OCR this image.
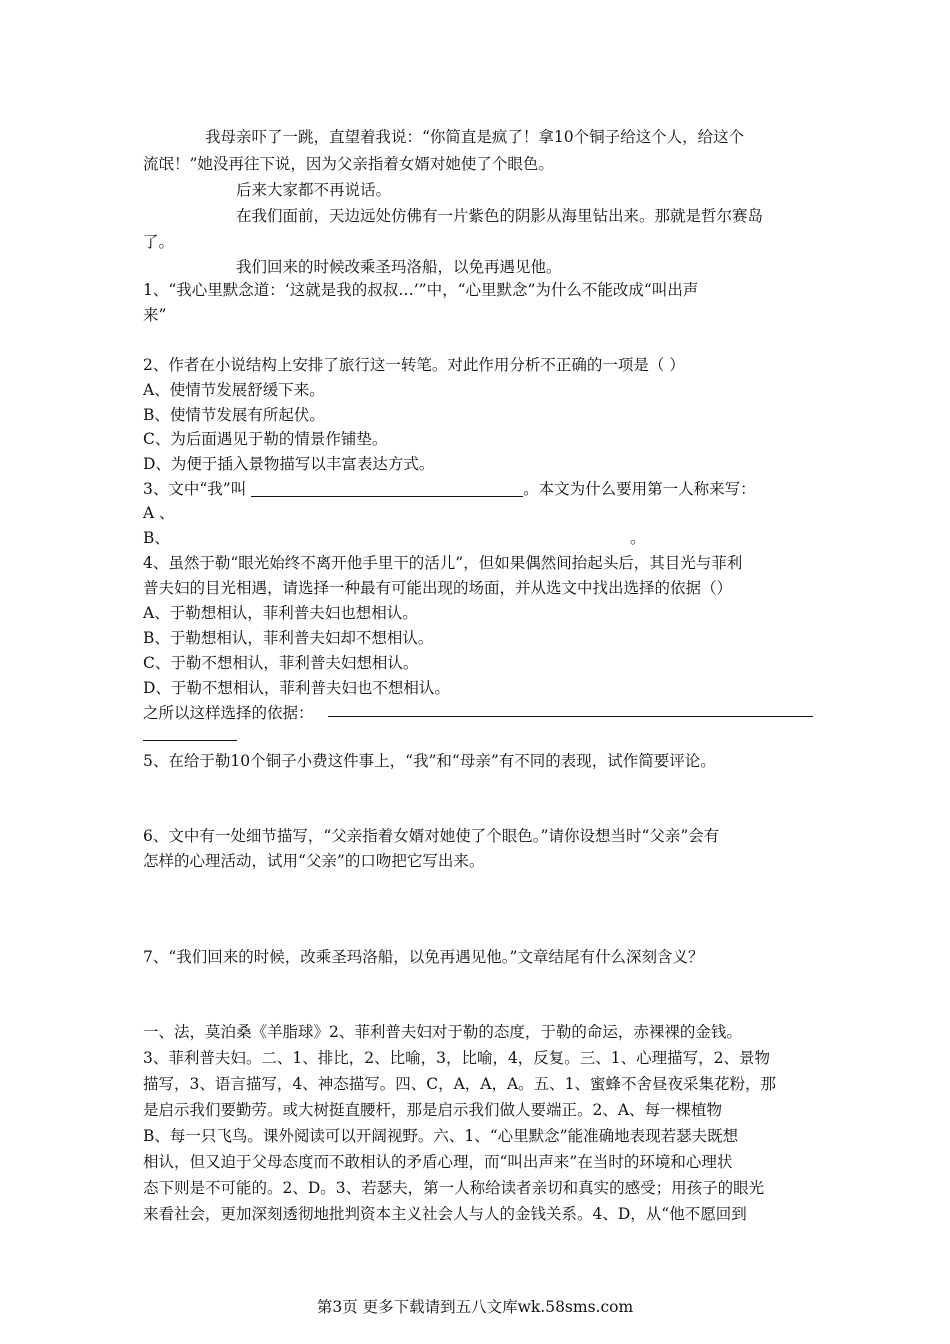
我母亲吓了一跳，直望着我说：“你简直是疯了！拿10个铜子给这个人，给这个
流氓！”她没再往下说，因为父亲指着女婿对她使了个眼色。
后来大家都不再说话。
在我们面前，天边远处仿佛有一片紫色的阴影从海里钻出来。那就是哲尔赛岛
了。
我们回来的时候改乘圣玛洛船，以免再遇见他。
1、“我心里默念道：‘这就是我的叔叔…’”中，“心里默念”为什么不能改成“叫出声
来”
2、作者在小说结构上安排了旅行这一转笔。对此作用分析不正确的一项是（ ）
A、使情节发展舒缓下来。
B、使情节发展有所起伏。
C、为后面遇见于勒的情景作铺垫。
D、为便于插入景物描写以丰富表达方式。
3、文中“我”叫	。本文为什么要用第一人称来写：
A 、
B、	。
4、虽然于勒“眼光始终不离开他手里干的活儿”，但如果偶然间抬起头后，其目光与菲利
普夫妇的目光相遇，请选择一种最有可能出现的场面，并从选文中找出选择的依据（）
A、于勒想相认，菲利普夫妇也想相认。
B、于勒想相认，菲利普夫妇却不想相认。
C、于勒不想相认，菲利普夫妇想相认。
D、于勒不想相认，菲利普夫妇也不想相认。
之所以这样选择的依据：
5、在给于勒10个铜子小费这件事上，“我”和“母亲”有不同的表现，试作简要评论。
6、文中有一处细节描写，“父亲指着女婿对她使了个眼色。”请你设想当时“父亲”会有
怎样的心理活动，试用“父亲”的口吻把它写出来。
7、“我们回来的时候，改乘圣玛洛船，以免再遇见他。”文章结尾有什么深刻含义？
一、法，莫泊桑《羊脂球》2、菲利普夫妇对于勒的态度，于勒的命运，赤裸裸的金钱。
3、菲利普夫妇。二、1、排比，2、比喻，3，比喻，4，反复。三、1、心理描写，2、景物
描写，3、语言描写，4、神态描写。四、C，A，A，A。五、1、蜜蜂不舍昼夜采集花粉，那
是启示我们要勤劳。或大树挺直腰杆，那是启示我们做人要端正。2、A、每一棵植物
B、每一只飞鸟。课外阅读可以开阔视野。六、1、“心里默念”能准确地表现若瑟夫既想
相认，但又迫于父母态度而不敢相认的矛盾心理，而“叫出声来”在当时的环境和心理状
态下则是不可能的。2、D。3、若瑟夫，第一人称给读者亲切和真实的感受；用孩子的眼光
来看社会，更加深刻透彻地批判资本主义社会人与人的金钱关系。4、D，从“他不愿回到
第3页 更多下载请到五八文库wk.58sms.com
